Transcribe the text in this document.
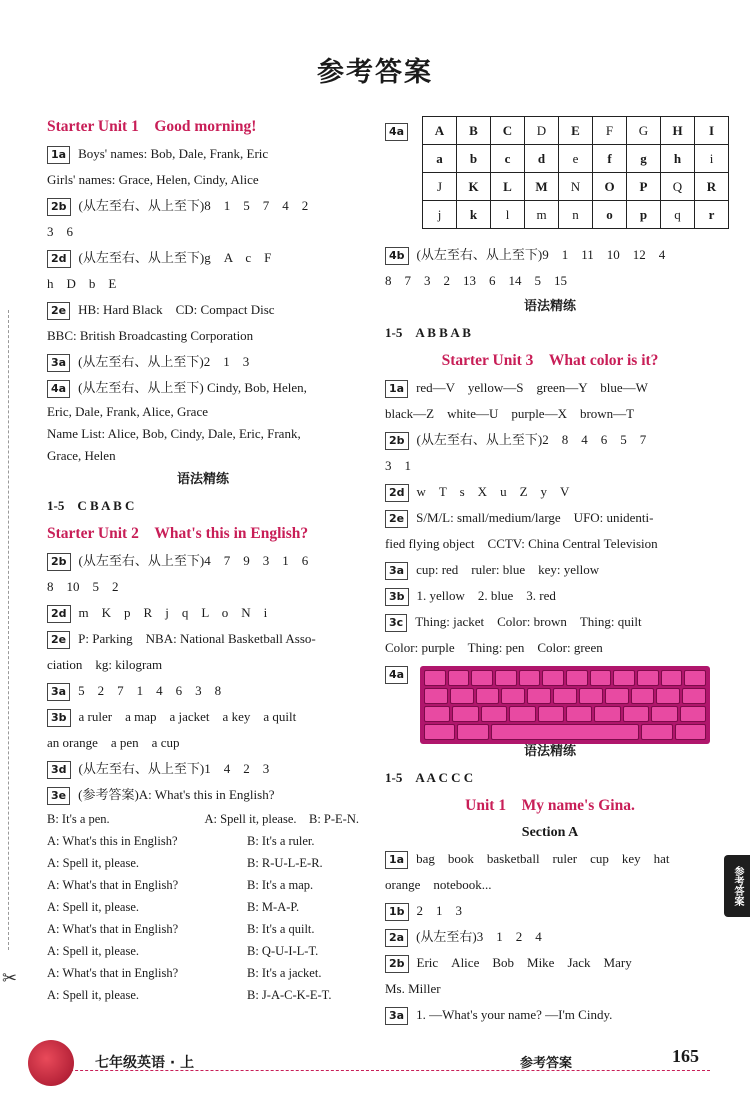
参考答案
✂
Starter Unit 1　Good morning!
1a Boys' names: Bob, Dale, Frank, Eric
Girls' names: Grace, Helen, Cindy, Alice
2b (从左至右、从上至下)8　1　5　7　4　2
3　6
2d (从左至右、从上至下)g　A　c　F
h　D　b　E
2e HB: Hard Black　CD: Compact Disc
BBC: British Broadcasting Corporation
3a (从左至右、从上至下)2　1　3
4a (从左至右、从上至下) Cindy, Bob, Helen,
Eric, Dale, Frank, Alice, Grace
Name List: Alice, Bob, Cindy, Dale, Eric, Frank,
Grace, Helen
语法精练
1-5　C B A B C
Starter Unit 2　What's this in English?
2b (从左至右、从上至下)4　7　9　3　1　6
8　10　5　2
2d m　K　p　R　j　q　L　o　N　i
2e P: Parking　NBA: National Basketball Asso-
ciation　kg: kilogram
3a 5　2　7　1　4　6　3　8
3b a ruler　a map　a jacket　a key　a quilt
an orange　a pen　a cup
3d (从左至右、从上至下)1　4　2　3
3e (参考答案)A: What's this in English?
B: It's a pen.	A: Spell it, please.　B: P-E-N.
A: What's this in English?	B: It's a ruler.
A: Spell it, please.	B: R-U-L-E-R.
A: What's that in English?	B: It's a map.
A: Spell it, please.	B: M-A-P.
A: What's that in English?	B: It's a quilt.
A: Spell it, please.	B: Q-U-I-L-T.
A: What's that in English?	B: It's a jacket.
A: Spell it, please.	B: J-A-C-K-E-T.
4a	A	B	C	D	E	F	G	H	I
a	b	c	d	e	f	g	h	i
J	K	L	M	N	O	P	Q	R
j	k	l	m	n	o	p	q	r
4b (从左至右、从上至下)9　1　11　10　12　4
8　7　3　2　13　6　14　5　15
语法精练
1-5　A B B A B
Starter Unit 3　What color is it?
1a red—V　yellow—S　green—Y　blue—W
black—Z　white—U　purple—X　brown—T
2b (从左至右、从上至下)2　8　4　6　5　7
3　1
2d w　T　s　X　u　Z　y　V
2e S/M/L: small/medium/large　UFO: unidenti-
fied flying object　CCTV: China Central Television
3a cup: red　ruler: blue　key: yellow
3b 1. yellow　2. blue　3. red
3c Thing: jacket　Color: brown　Thing: quilt
Color: purple　Thing: pen　Color: green
4a
语法精练
1-5　A A C C C
Unit 1　My name's Gina.
Section A
1a bag　book　basketball　ruler　cup　key　hat
orange　notebook...
1b 2　1　3
2a (从左至右)3　1　2　4
2b Eric　Alice　Bob　Mike　Jack　Mary
Ms. Miller
3a 1. —What's your name? —I'm Cindy.
参考答案
七年级英语 · 上	参考答案	165
